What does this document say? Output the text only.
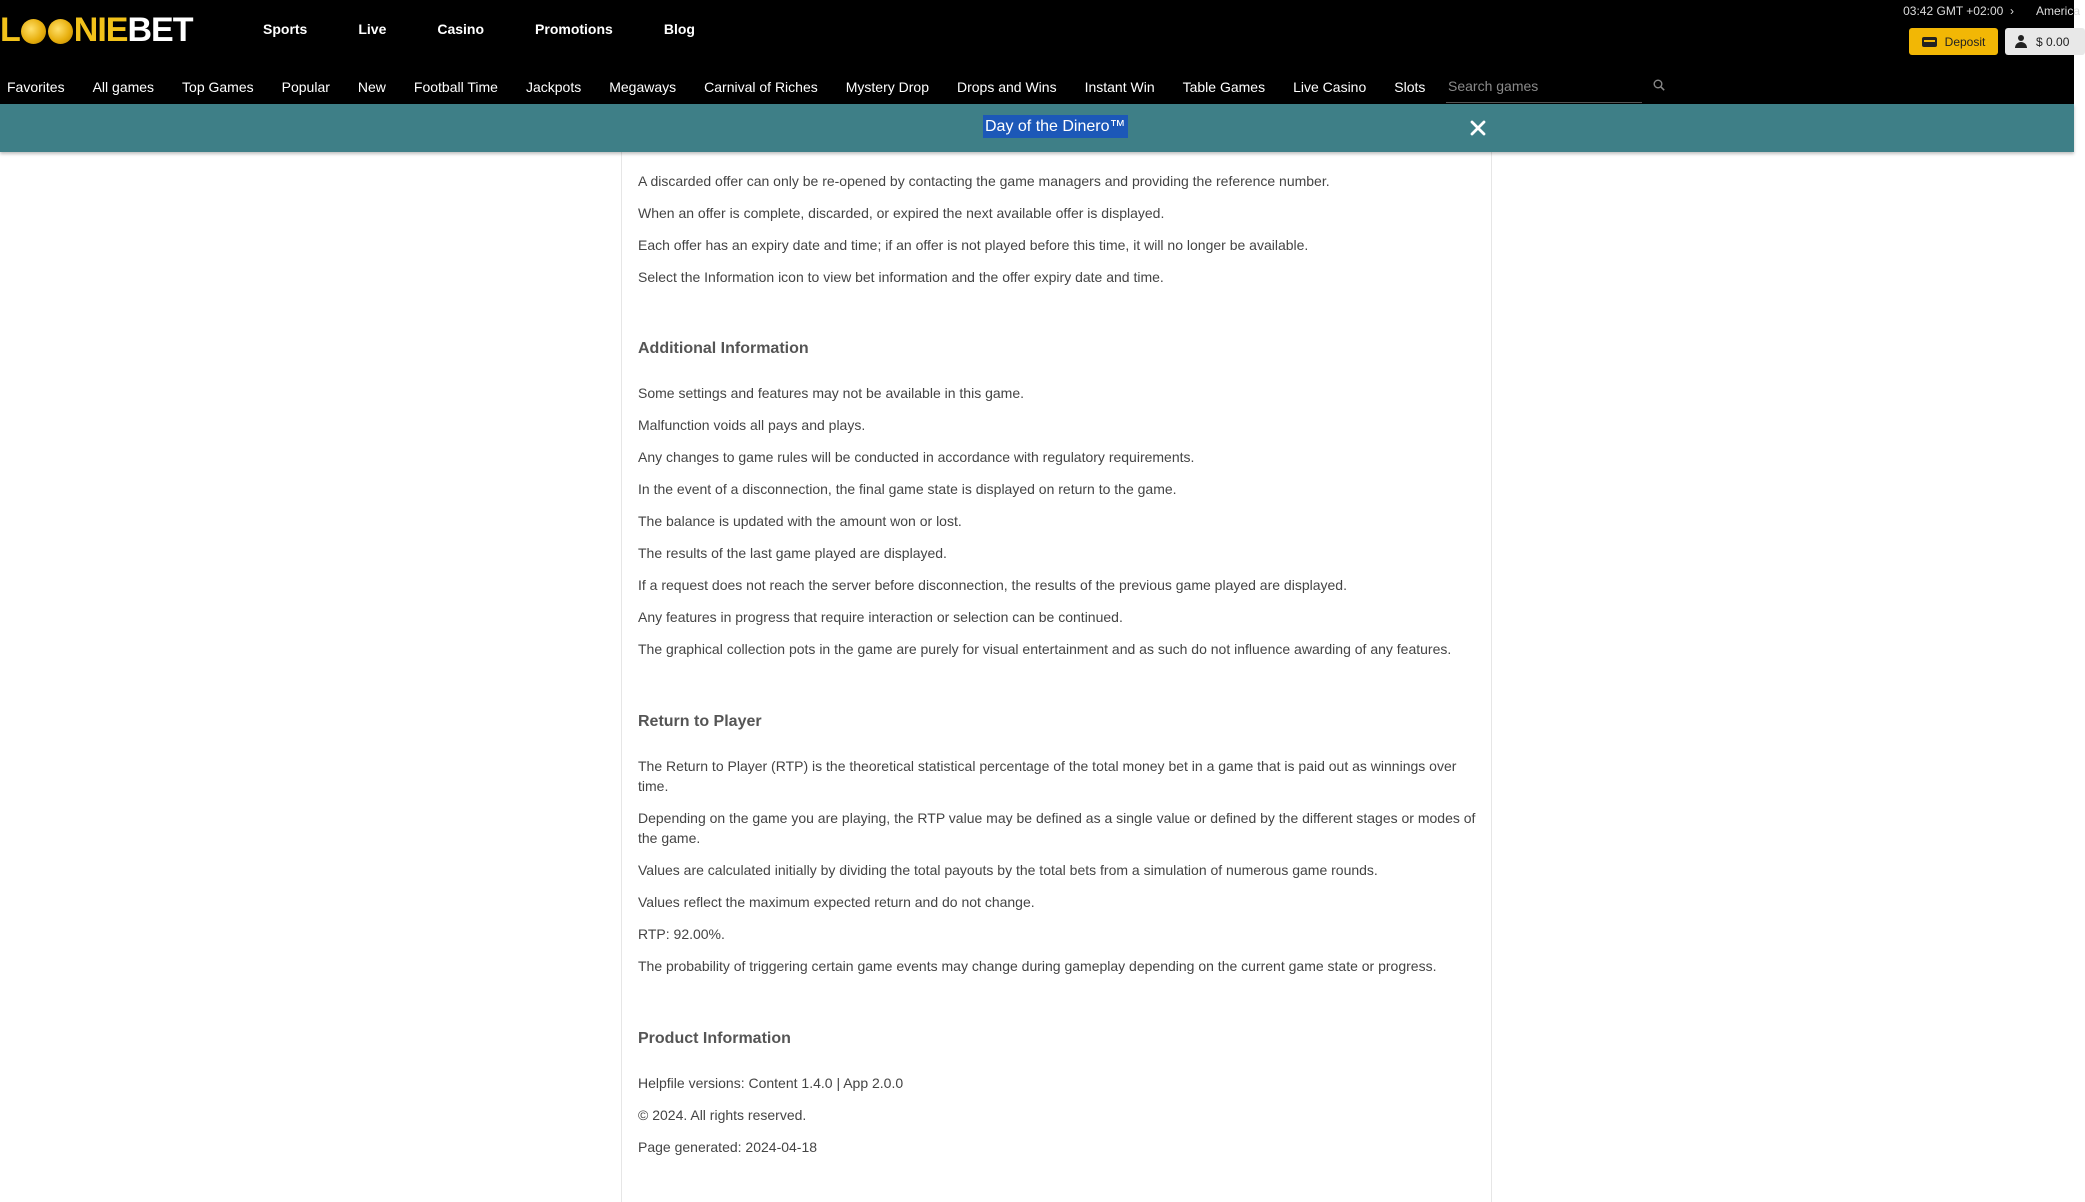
L NIE BET	Sports	Live	Casino	Promotions	Blog
03:42 GMT +02:00  › America
Deposit	$ 0.00
Favorites All games Top Games Popular New Football Time Jackpots Megaways Carnival of Riches Mystery Drop Drops and Wins Instant Win Table Games Live Casino Slots
Search games
Day of the Dinero™

A discarded offer can only be re-opened by contacting the game managers and providing the reference number.

When an offer is complete, discarded, or expired the next available offer is displayed.

Each offer has an expiry date and time; if an offer is not played before this time, it will no longer be available.

Select the Information icon to view bet information and the offer expiry date and time.

Additional Information

Some settings and features may not be available in this game.

Malfunction voids all pays and plays.

Any changes to game rules will be conducted in accordance with regulatory requirements.

In the event of a disconnection, the final game state is displayed on return to the game.

The balance is updated with the amount won or lost.

The results of the last game played are displayed.

If a request does not reach the server before disconnection, the results of the previous game played are displayed.

Any features in progress that require interaction or selection can be continued.

The graphical collection pots in the game are purely for visual entertainment and as such do not influence awarding of any features.

Return to Player

The Return to Player (RTP) is the theoretical statistical percentage of the total money bet in a game that is paid out as winnings over time.

Depending on the game you are playing, the RTP value may be defined as a single value or defined by the different stages or modes of the game.

Values are calculated initially by dividing the total payouts by the total bets from a simulation of numerous game rounds.

Values reflect the maximum expected return and do not change.

RTP: 92.00%.

The probability of triggering certain game events may change during gameplay depending on the current game state or progress.

Product Information

Helpfile versions: Content 1.4.0 | App 2.0.0

© 2024. All rights reserved.

Page generated: 2024-04-18
